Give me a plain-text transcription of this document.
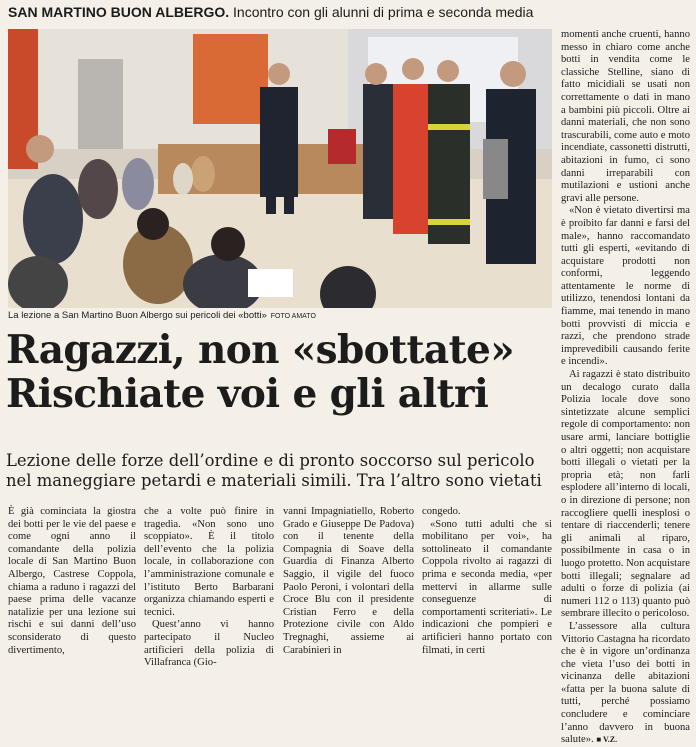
SAN MARTINO BUON ALBERGO. Incontro con gli alunni di prima e seconda media
La lezione a San Martino Buon Albergo sui pericoli dei «botti» FOTO AMATO
Ragazzi, non «sbottate»
Rischiate voi e gli altri
Lezione delle forze dell’ordine e di pronto soccorso sul pericolo nel maneggiare petardi e materiali simili. Tra l’altro sono vietati

È già cominciata la giostra dei botti per le vie del paese e come ogni anno il comandante della polizia locale di San Martino Buon Albergo, Castrese Coppola, chiama a raduno i ragazzi del paese prima delle vacanze natalizie per una lezione sui rischi e sui danni dell’uso sconsiderato di questo divertimento,

che a volte può finire in tragedia. «Non sono uno scoppiato». È il titolo dell’evento che la polizia locale, in collaborazione con l’amministrazione comunale e l’istituto Berto Barbarani organizza chiamando esperti e tecnici.

Quest’anno vi hanno partecipato il Nucleo artificieri della polizia di Villafranca (Gio-

vanni Impagniatiello, Roberto Grado e Giuseppe De Padova) con il tenente della Compagnia di Soave della Guardia di Finanza Alberto Saggio, il vigile del fuoco Paolo Peroni, i volontari della Croce Blu con il presidente Cristian Ferro e della Protezione civile con Aldo Tregnaghi, assieme ai Carabinieri in

congedo.

«Sono tutti adulti che si mobilitano per voi», ha sottolineato il comandante Coppola rivolto ai ragazzi di prima e seconda media, «per mettervi in allarme sulle conseguenze di comportamenti scriteriati». Le indicazioni che pompieri e artificieri hanno portato con filmati, in certi

momenti anche cruenti, hanno messo in chiaro come anche botti in vendita come le classiche Stelline, siano di fatto micidiali se usati non correttamente o dati in mano a bambini più piccoli. Oltre ai danni materiali, che non sono trascurabili, come auto e moto incendiate, cassonetti distrutti, abitazioni in fumo, ci sono danni irreparabili con mutilazioni e ustioni anche gravi alle persone.

«Non è vietato divertirsi ma è proibito far danni e farsi del male», hanno raccomandato tutti gli esperti, «evitando di acquistare prodotti non conformi, leggendo attentamente le norme di utilizzo, tenendosi lontani da fiamme, mai tenendo in mano botti provvisti di miccia e razzi, che prendono strade imprevedibili causando ferite e incendi».

Ai ragazzi è stato distribuito un decalogo curato dalla Polizia locale dove sono sintetizzate alcune semplici regole di comportamento: non usare armi, lanciare bottiglie o altri oggetti; non acquistare botti illegali o vietati per la propria età; non farli esplodere all’interno di locali, o in direzione di persone; non raccogliere quelli inesplosi o tentare di riaccenderli; tenere gli animali al riparo, possibilmente in casa o in luogo protetto. Non acquistare botti illegali; segnalare ad adulti o forze di polizia (ai numeri 112 o 113) quanto può sembrare illecito o pericoloso.

L’assessore alla cultura Vittorio Castagna ha ricordato che è in vigore un’ordinanza che vieta l’uso dei botti in vicinanza delle abitazioni «fatta per la buona salute di tutti, perché possiamo concludere e cominciare l’anno davvero in buona salute». ■ V.Z.
